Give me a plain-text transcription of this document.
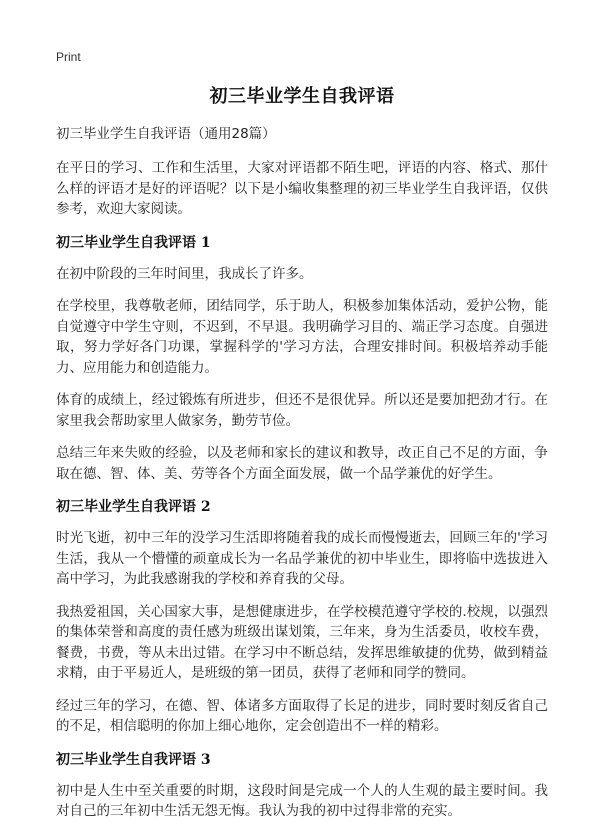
Print
初三毕业学生自我评语
初三毕业学生自我评语（通用28篇）

在平日的学习、工作和生活里，大家对评语都不陌生吧，评语的内容、格式、那什么样的评语才是好的评语呢？以下是小编收集整理的初三毕业学生自我评语，仅供参考，欢迎大家阅读。

初三毕业学生自我评语 1

在初中阶段的三年时间里，我成长了许多。

在学校里，我尊敬老师，团结同学，乐于助人，积极参加集体活动，爱护公物，能自觉遵守中学生守则，不迟到，不早退。我明确学习目的、端正学习态度。自强进取，努力学好各门功课，掌握科学的'学习方法，合理安排时间。积极培养动手能力、应用能力和创造能力。

体育的成绩上，经过锻炼有所进步，但还不是很优异。所以还是要加把劲才行。在家里我会帮助家里人做家务，勤劳节俭。

总结三年来失败的经验，以及老师和家长的建议和教导，改正自己不足的方面，争取在德、智、体、美、劳等各个方面全面发展，做一个品学兼优的好学生。

初三毕业学生自我评语 2

时光飞逝，初中三年的没学习生活即将随着我的成长而慢慢逝去，回顾三年的'学习生活，我从一个懵懂的顽童成长为一名品学兼优的初中毕业生，即将临中选拔进入高中学习，为此我感谢我的学校和养育我的父母。

我热爱祖国，关心国家大事，是想健康进步，在学校模范遵守学校的.校规，以强烈的集体荣誉和高度的责任感为班级出谋划策，三年来，身为生活委员，收校车费，餐费，书费，等从未出过错。在学习中不断总结，发挥思维敏捷的优势，做到精益求精，由于平易近人，是班级的第一团员，获得了老师和同学的赞同。

经过三年的学习，在德、智、体诸多方面取得了长足的进步，同时要时刻反省自己的不足，相信聪明的你加上细心地你，定会创造出不一样的精彩。

初三毕业学生自我评语 3

初中是人生中至关重要的时期，这段时间是完成一个人的人生观的最主要时间。我对自己的三年初中生活无怨无悔。我认为我的初中过得非常的充实。
